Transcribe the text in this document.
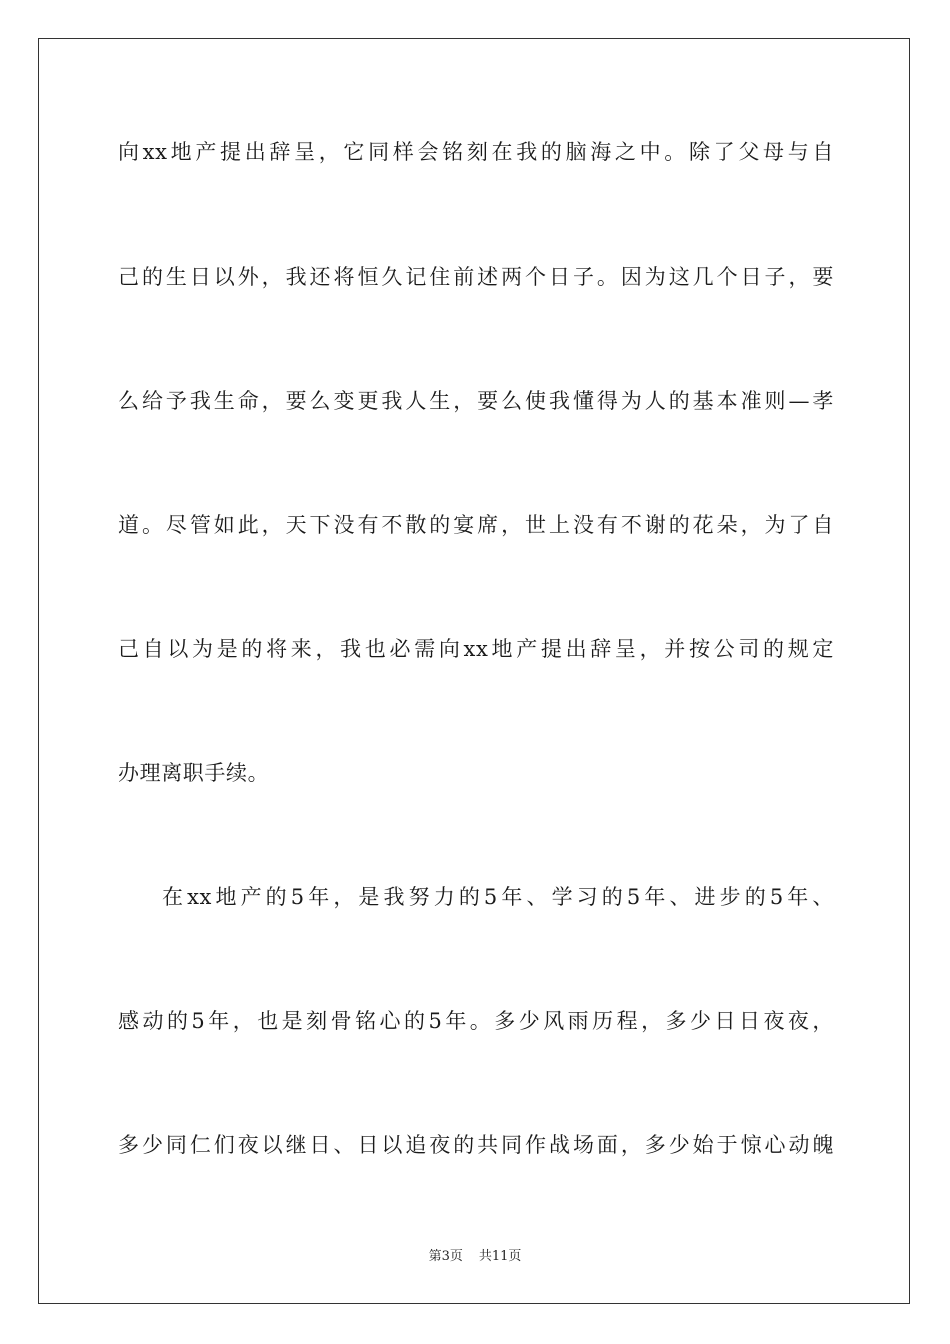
向xx地产提出辞呈，它同样会铭刻在我的脑海之中。除了父母与自
己的生日以外，我还将恒久记住前述两个日子。因为这几个日子，要
么给予我生命，要么变更我人生，要么使我懂得为人的基本准则—孝
道。尽管如此，天下没有不散的宴席，世上没有不谢的花朵，为了自
己自以为是的将来，我也必需向xx地产提出辞呈，并按公司的规定
办理离职手续。
在xx地产的5年，是我努力的5年、学习的5年、进步的5年、
感动的5年，也是刻骨铭心的5年。多少风雨历程，多少日日夜夜，
多少同仁们夜以继日、日以追夜的共同作战场面，多少始于惊心动魄
第3页 共11页
